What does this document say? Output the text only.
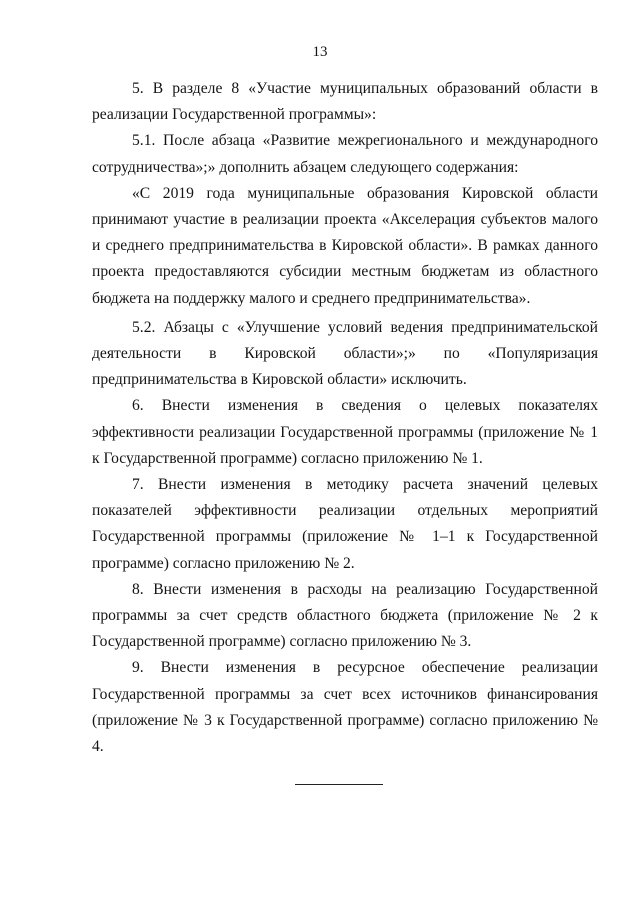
13

5. В разделе 8 «Участие муниципальных образований области в реализации Государственной программы»:

5.1. После абзаца «Развитие межрегионального и международного сотрудничества»;» дополнить абзацем следующего содержания:

«С 2019 года муниципальные образования Кировской области принимают участие в реализации проекта «Акселерация субъектов малого и среднего предпринимательства в Кировской области». В рамках данного проекта предоставляются субсидии местным бюджетам из областного бюджета на поддержку малого и среднего предпринимательства».

5.2. Абзацы с «Улучшение условий ведения предпринимательской деятельности в Кировской области»;» по «Популяризация предпринимательства в Кировской области» исключить.

6. Внести изменения в сведения о целевых показателях эффективности реализации Государственной программы (приложение № 1 к Государственной программе) согласно приложению № 1.

7. Внести изменения в методику расчета значений целевых показателей эффективности реализации отдельных мероприятий Государственной программы (приложение № 1–1 к Государственной программе) согласно приложению № 2.

8. Внести изменения в расходы на реализацию Государственной программы за счет средств областного бюджета (приложение № 2 к Государственной программе) согласно приложению № 3.

9. Внести изменения в ресурсное обеспечение реализации Государственной программы за счет всех источников финансирования (приложение № 3 к Государственной программе) согласно приложению № 4.
